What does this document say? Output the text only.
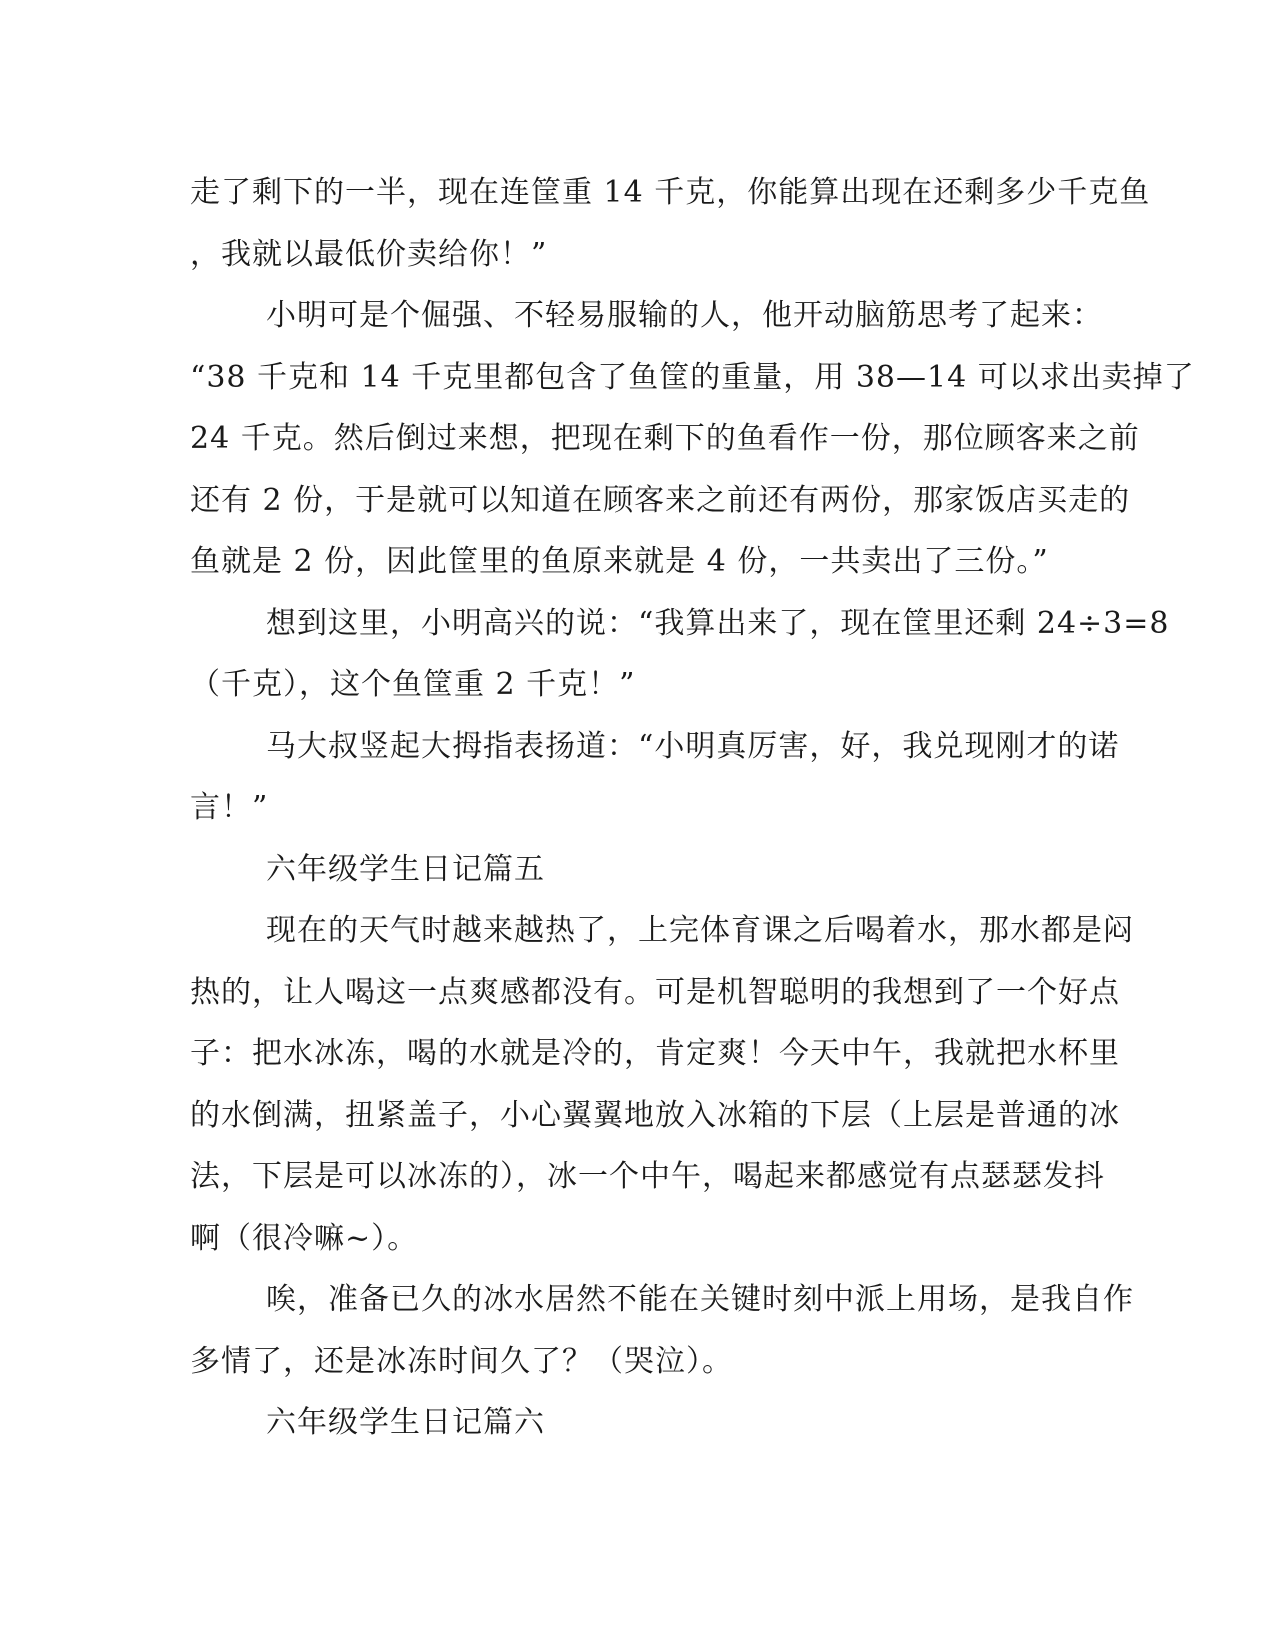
走了剩下的一半，现在连筐重 14 千克，你能算出现在还剩多少千克鱼
，我就以最低价卖给你！”
小明可是个倔强、不轻易服输的人，他开动脑筋思考了起来：
“38 千克和 14 千克里都包含了鱼筐的重量，用 38—14 可以求出卖掉了
24 千克。然后倒过来想，把现在剩下的鱼看作一份，那位顾客来之前
还有 2 份，于是就可以知道在顾客来之前还有两份，那家饭店买走的
鱼就是 2 份，因此筐里的鱼原来就是 4 份，一共卖出了三份。”
想到这里，小明高兴的说：“我算出来了，现在筐里还剩 24÷3=8
（千克），这个鱼筐重 2 千克！”
马大叔竖起大拇指表扬道：“小明真厉害，好，我兑现刚才的诺
言！”
六年级学生日记篇五
现在的天气时越来越热了，上完体育课之后喝着水，那水都是闷
热的，让人喝这一点爽感都没有。可是机智聪明的我想到了一个好点
子：把水冰冻，喝的水就是冷的，肯定爽！今天中午，我就把水杯里
的水倒满，扭紧盖子，小心翼翼地放入冰箱的下层（上层是普通的冰
法，下层是可以冰冻的），冰一个中午，喝起来都感觉有点瑟瑟发抖
啊（很冷嘛~）。
唉，准备已久的冰水居然不能在关键时刻中派上用场，是我自作
多情了，还是冰冻时间久了？（哭泣）。
六年级学生日记篇六
